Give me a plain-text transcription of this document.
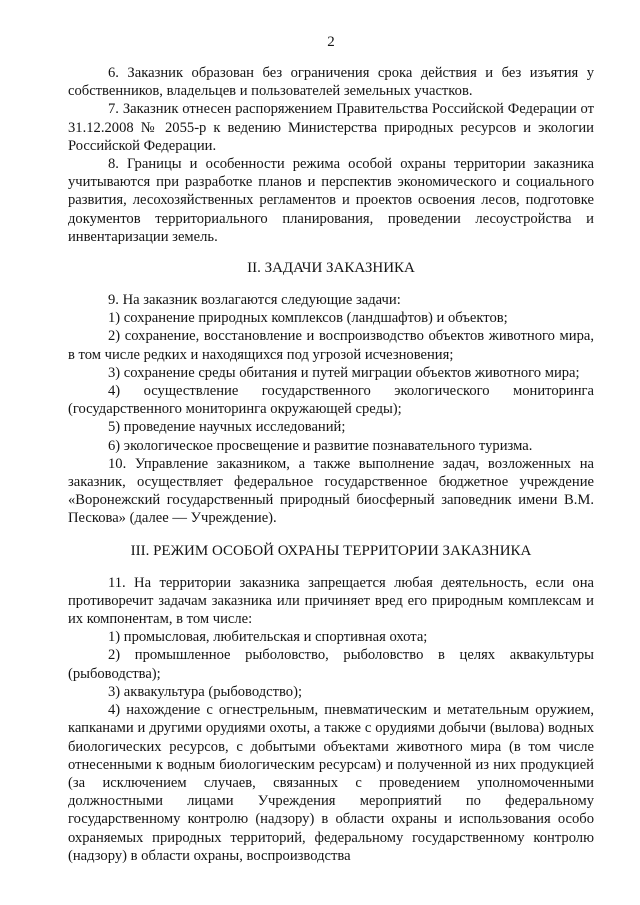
2

6. Заказник образован без ограничения срока действия и без изъятия у собственников, владельцев и пользователей земельных участков.

7. Заказник отнесен распоряжением Правительства Российской Федерации от 31.12.2008 № 2055-р к ведению Министерства природных ресурсов и экологии Российской Федерации.

8. Границы и особенности режима особой охраны территории заказника учитываются при разработке планов и перспектив экономического и социального развития, лесохозяйственных регламентов и проектов освоения лесов, подготовке документов территориального планирования, проведении лесоустройства и инвентаризации земель.

II. ЗАДАЧИ ЗАКАЗНИКА

9. На заказник возлагаются следующие задачи:

1) сохранение природных комплексов (ландшафтов) и объектов;

2) сохранение, восстановление и воспроизводство объектов животного мира, в том числе редких и находящихся под угрозой исчезновения;

3) сохранение среды обитания и путей миграции объектов животного мира;

4) осуществление государственного экологического мониторинга (государственного мониторинга окружающей среды);

5) проведение научных исследований;

6) экологическое просвещение и развитие познавательного туризма.

10. Управление заказником, а также выполнение задач, возложенных на заказник, осуществляет федеральное государственное бюджетное учреждение «Воронежский государственный природный биосферный заповедник имени В.М. Пескова» (далее — Учреждение).

III. РЕЖИМ ОСОБОЙ ОХРАНЫ ТЕРРИТОРИИ ЗАКАЗНИКА

11. На территории заказника запрещается любая деятельность, если она противоречит задачам заказника или причиняет вред его природным комплексам и их компонентам, в том числе:

1) промысловая, любительская и спортивная охота;

2) промышленное рыболовство, рыболовство в целях аквакультуры (рыбоводства);

3) аквакультура (рыбоводство);

4) нахождение с огнестрельным, пневматическим и метательным оружием, капканами и другими орудиями охоты, а также с орудиями добычи (вылова) водных биологических ресурсов, с добытыми объектами животного мира (в том числе отнесенными к водным биологическим ресурсам) и полученной из них продукцией (за исключением случаев, связанных с проведением уполномоченными должностными лицами Учреждения мероприятий по федеральному государственному контролю (надзору) в области охраны и использования особо охраняемых природных территорий, федеральному государственному контролю (надзору) в области охраны, воспроизводства
